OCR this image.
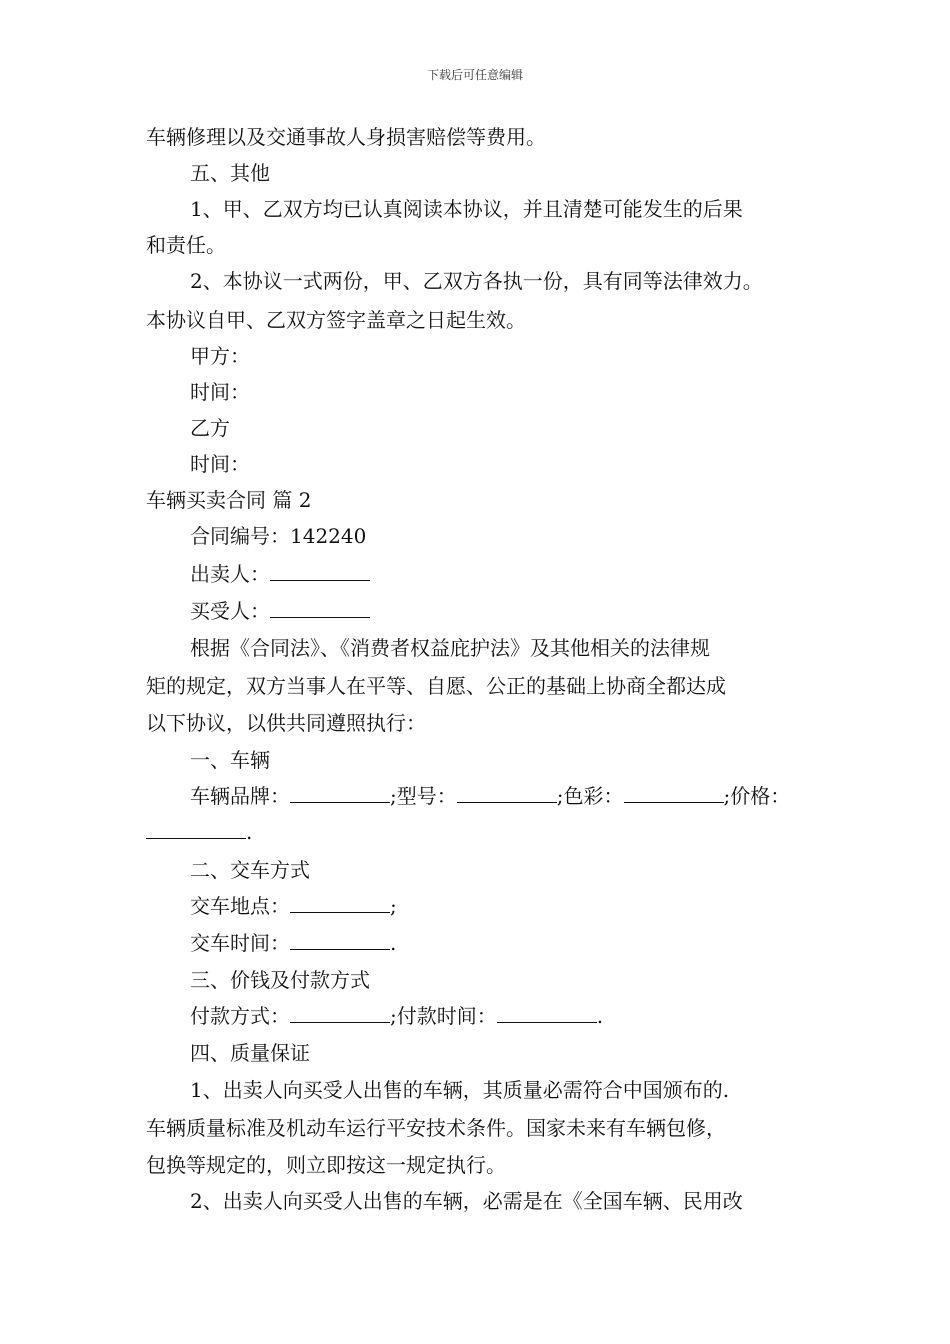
下载后可任意编辑
车辆修理以及交通事故人身损害赔偿等费用。
五、其他
1、甲、乙双方均已认真阅读本协议，并且清楚可能发生的后果
和责任。
2、本协议一式两份，甲、乙双方各执一份，具有同等法律效力。
本协议自甲、乙双方签字盖章之日起生效。
甲方：
时间：
乙方
时间：
车辆买卖合同 篇 2
合同编号：142240
出卖人：
买受人：
根据《合同法》、《消费者权益庇护法》及其他相关的法律规
矩的规定，双方当事人在平等、自愿、公正的基础上协商全都达成
以下协议，以供共同遵照执行：
一、车辆
车辆品牌：	;型号：	;色彩：	;价格：
.
二、交车方式
交车地点：	;
交车时间：	.
三、价钱及付款方式
付款方式：	;付款时间：	.
四、质量保证
1、出卖人向买受人出售的车辆，其质量必需符合中国颁布的.
车辆质量标准及机动车运行平安技术条件。国家未来有车辆包修，
包换等规定的，则立即按这一规定执行。
2、出卖人向买受人出售的车辆，必需是在《全国车辆、民用改
